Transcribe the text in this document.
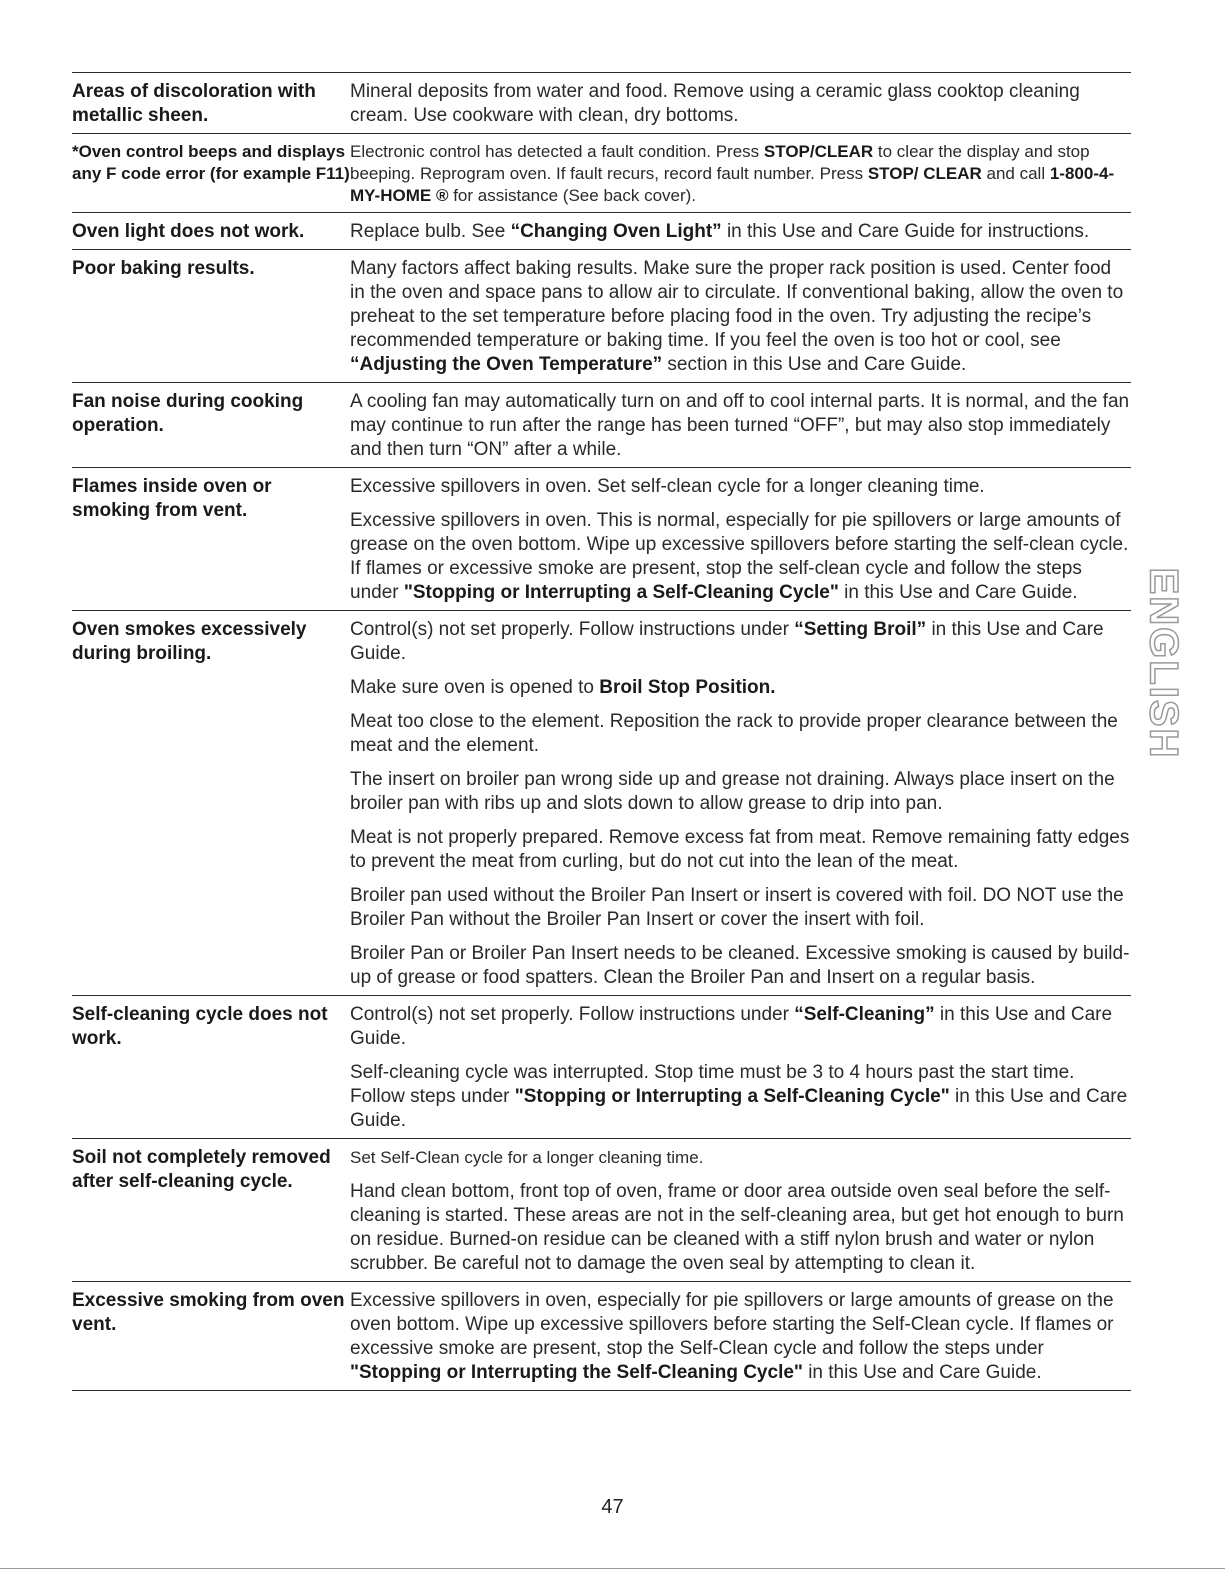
Areas of discoloration with metallic sheen.
Mineral deposits from water and food. Remove using a ceramic glass cooktop cleaning cream. Use cookware with clean, dry bottoms.
*Oven control beeps and displays any F code error (for example F11)
Electronic control has detected a fault condition. Press STOP/CLEAR to clear the display and stop beeping. Reprogram oven. If fault recurs, record fault number. Press STOP/ CLEAR and call 1-800-4-MY-HOME ® for assistance (See back cover).
Oven light does not work.	Replace bulb. See “Changing Oven Light” in this Use and Care Guide for instructions.
Poor baking results.	Many factors affect baking results. Make sure the proper rack position is used. Center food in the oven and space pans to allow air to circulate. If conventional baking, allow the oven to preheat to the set temperature before placing food in the oven. Try adjusting the recipe’s recommended temperature or baking time. If you feel the oven is too hot or cool, see “Adjusting the Oven Temperature” section in this Use and Care Guide.
Fan noise during cooking operation.
A cooling fan may automatically turn on and off to cool internal parts. It is normal, and the fan may continue to run after the range has been turned “OFF”, but may also stop immediately and then turn “ON” after a while.
Flames inside oven or smoking from vent.
Excessive spillovers in oven. Set self-clean cycle for a longer cleaning time.
Excessive spillovers in oven. This is normal, especially for pie spillovers or large amounts of grease on the oven bottom. Wipe up excessive spillovers before starting the self-clean cycle. If flames or excessive smoke are present, stop the self-clean cycle and follow the steps under "Stopping or Interrupting a Self-Cleaning Cycle" in this Use and Care Guide.
Oven smokes excessively during broiling.
Control(s) not set properly. Follow instructions under “Setting Broil” in this Use and Care Guide.
Make sure oven is opened to Broil Stop Position.
Meat too close to the element. Reposition the rack to provide proper clearance between the meat and the element.
The insert on broiler pan wrong side up and grease not draining. Always place insert on the broiler pan with ribs up and slots down to allow grease to drip into pan.
Meat is not properly prepared. Remove excess fat from meat. Remove remaining fatty edges to prevent the meat from curling, but do not cut into the lean of the meat.
Broiler pan used without the Broiler Pan Insert or insert is covered with foil. DO NOT use the Broiler Pan without the Broiler Pan Insert or cover the insert with foil.
Broiler Pan or Broiler Pan Insert needs to be cleaned. Excessive smoking is caused by build-up of grease or food spatters. Clean the Broiler Pan and Insert on a regular basis.
Self-cleaning cycle does not work.
Control(s) not set properly. Follow instructions under “Self-Cleaning” in this Use and Care Guide.
Self-cleaning cycle was interrupted. Stop time must be 3 to 4 hours past the start time. Follow steps under "Stopping or Interrupting a Self-Cleaning Cycle" in this Use and Care Guide.
Soil not completely removed after self-cleaning cycle.
Set Self-Clean cycle for a longer cleaning time.
Hand clean bottom, front top of oven, frame or door area outside oven seal before the self-cleaning is started. These areas are not in the self-cleaning area, but get hot enough to burn on residue. Burned-on residue can be cleaned with a stiff nylon brush and water or nylon scrubber. Be careful not to damage the oven seal by attempting to clean it.
Excessive smoking from oven vent.
Excessive spillovers in oven, especially for pie spillovers or large amounts of grease on the oven bottom. Wipe up excessive spillovers before starting the Self-Clean cycle. If flames or excessive smoke are present, stop the Self-Clean cycle and follow the steps under "Stopping or Interrupting the Self-Cleaning Cycle" in this Use and Care Guide.
ENGLISH
47
